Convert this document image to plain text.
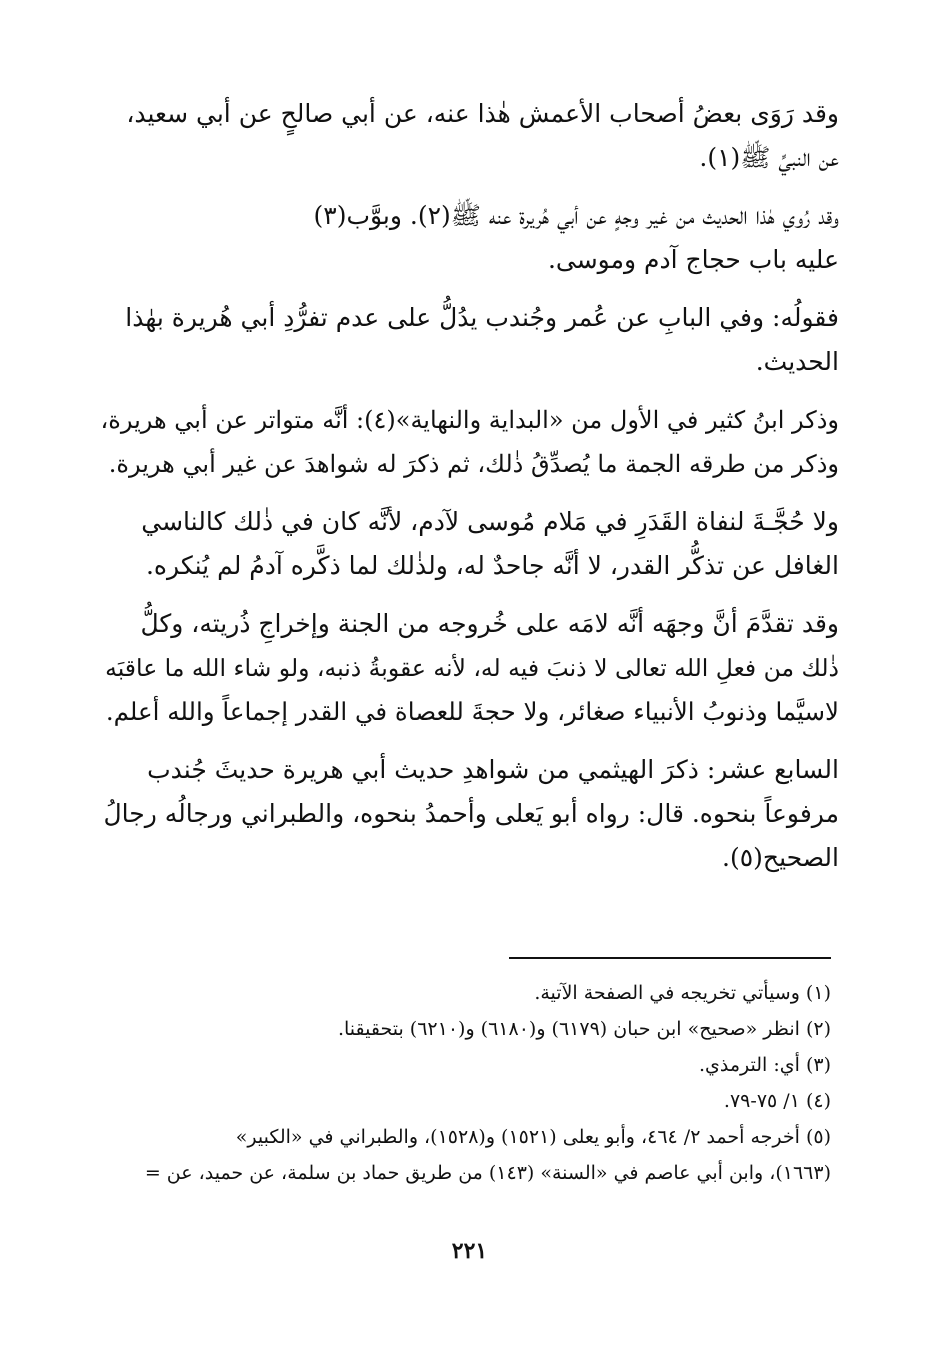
وقد رَوَى بعضُ أصحاب الأعمش هٰذا عنه، عن أبي صالحٍ عن أبي سعيد،
عن النبيِّ ﷺ(١).

وقد رُوي هٰذا الحديث من غير وجهٍ عن أبي هُريرة عنه ﷺ(٢). وبوَّب(٣)
عليه باب حجاج آدم وموسى.

فقولُه: وفي البابِ عن عُمر وجُندب يدُلُّ على عدم تفرُّدِ أبي هُريرة بهٰذا
الحديث.

وذكر ابنُ كثير في الأول من «البداية والنهاية»(٤): أنَّه متواتر عن أبي هريرة،
وذكر من طرقه الجمة ما يُصدِّقُ ذٰلك، ثم ذكرَ له شواهدَ عن غير أبي هريرة.

ولا حُجَّـةَ لنفاة القَدَرِ في مَلام مُوسى لآدم، لأنَّه كان في ذٰلك كالناسي
الغافل عن تذكُّر القدر، لا أنَّه جاحدٌ له، ولذٰلك لما ذكَّره آدمُ لم يُنكره.

وقد تقدَّمَ أنَّ وجهَه أنَّه لامَه على خُروجه من الجنة وإخراجِ ذُريته، وكلُّ
ذٰلك من فعلِ الله تعالى لا ذنبَ فيه له، لأنه عقوبةُ ذنبه، ولو شاء الله ما عاقبَه
لاسيَّما وذنوبُ الأنبياء صغائر، ولا حجةَ للعصاة في القدر إجماعاً والله أعلم.

السابع عشر: ذكرَ الهيثمي من شواهدِ حديث أبي هريرة حديثَ جُندب
مرفوعاً بنحوه. قال: رواه أبو يَعلى وأحمدُ بنحوه، والطبراني ورجالُه رجالُ
الصحيح(٥).

(١) وسيأتي تخريجه في الصفحة الآتية.
(٢) انظر «صحيح» ابن حبان (٦١٧٩) و(٦١٨٠) و(٦٢١٠) بتحقيقنا.
(٣) أي: الترمذي.
(٤) ١/ ٧٥-٧٩.
(٥) أخرجه أحمد ٢/ ٤٦٤، وأبو يعلى (١٥٢١) و(١٥٢٨)، والطبراني في «الكبير»
(١٦٦٣)، وابن أبي عاصم في «السنة» (١٤٣) من طريق حماد بن سلمة، عن حميد، عن =
٢٢١
